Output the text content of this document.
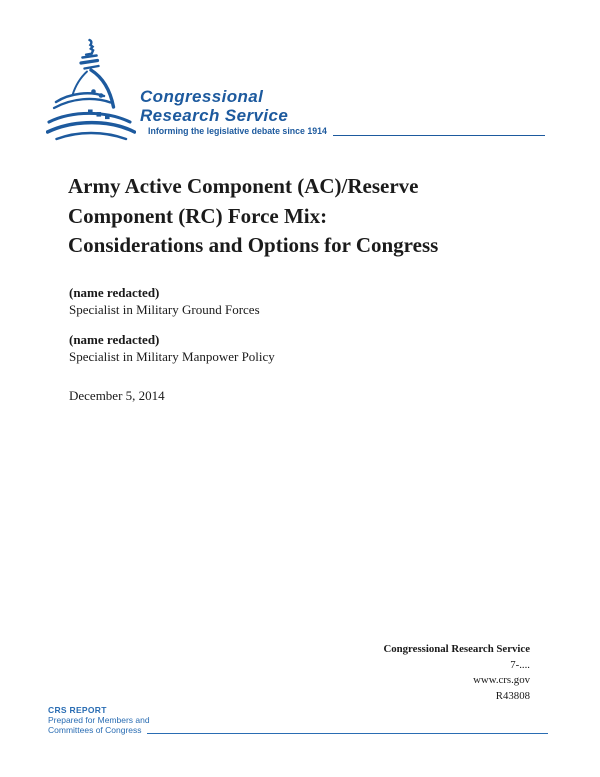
Congressional
Research Service
Informing the legislative debate since 1914
Army Active Component (AC)/Reserve
Component (RC) Force Mix:
Considerations and Options for Congress
(name redacted)
Specialist in Military Ground Forces
(name redacted)
Specialist in Military Manpower Policy
December 5, 2014
Congressional Research Service
7-....
www.crs.gov
R43808
CRS REPORT
Prepared for Members and
Committees of Congress
